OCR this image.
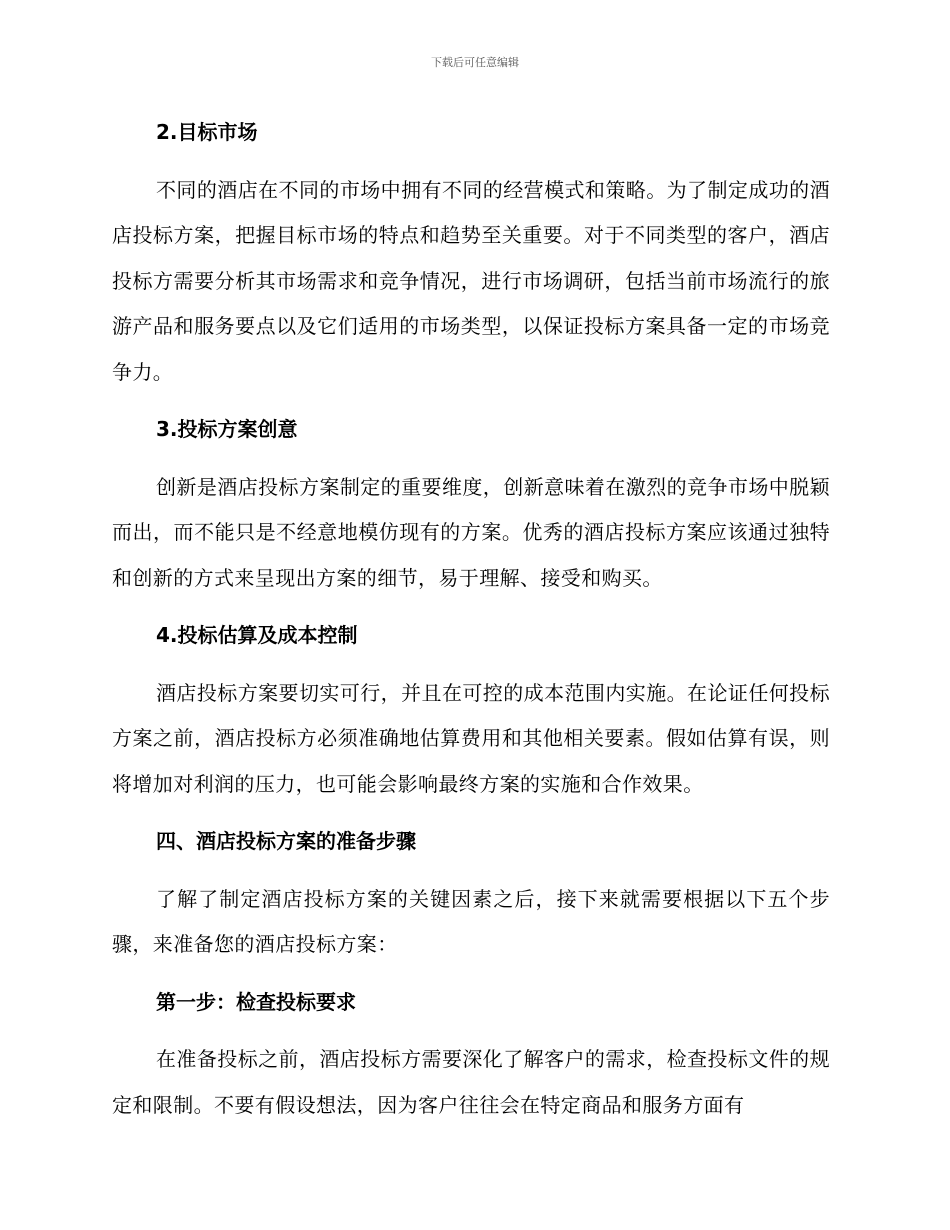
下载后可任意编辑
2.目标市场
不同的酒店在不同的市场中拥有不同的经营模式和策略。为了制定成功的酒店投标方案，把握目标市场的特点和趋势至关重要。对于不同类型的客户，酒店投标方需要分析其市场需求和竞争情况，进行市场调研，包括当前市场流行的旅游产品和服务要点以及它们适用的市场类型，以保证投标方案具备一定的市场竞争力。
3.投标方案创意
创新是酒店投标方案制定的重要维度，创新意味着在激烈的竞争市场中脱颖而出，而不能只是不经意地模仿现有的方案。优秀的酒店投标方案应该通过独特和创新的方式来呈现出方案的细节，易于理解、接受和购买。
4.投标估算及成本控制
酒店投标方案要切实可行，并且在可控的成本范围内实施。在论证任何投标方案之前，酒店投标方必须准确地估算费用和其他相关要素。假如估算有误，则将增加对利润的压力，也可能会影响最终方案的实施和合作效果。
四、酒店投标方案的准备步骤
了解了制定酒店投标方案的关键因素之后，接下来就需要根据以下五个步骤，来准备您的酒店投标方案：
第一步：检查投标要求
在准备投标之前，酒店投标方需要深化了解客户的需求，检查投标文件的规定和限制。不要有假设想法，因为客户往往会在特定商品和服务方面有
